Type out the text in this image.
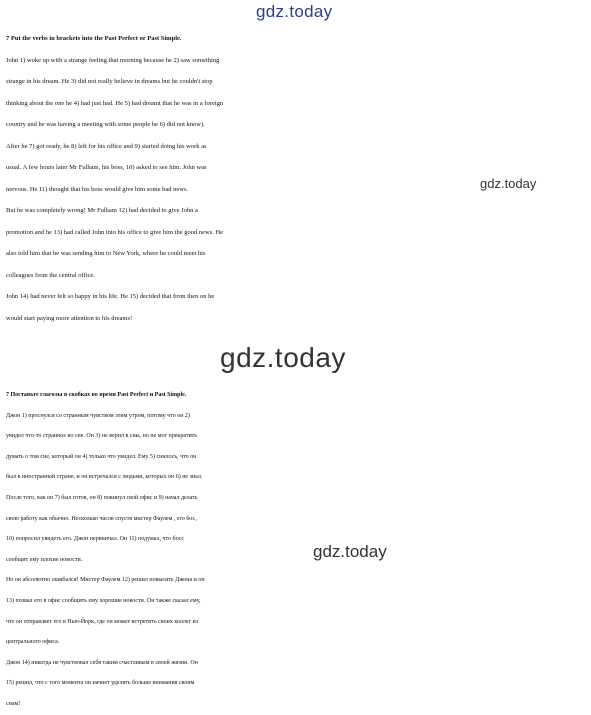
gdz.today
gdz.today
gdz.today
gdz.today
7 Put the verbs in brackets into the Past Perfect or Past Simple.
John 1) woke up with a strange feeling that morning because he 2) saw something
strange in his dream. He 3) did not really believe in dreams but he couldn't stop
thinking about the one he 4) had just had. He 5) had dreamt that he was in a foreign
country and he was having a meeting with some people he 6) did not know).
After he 7) got ready, he 8) left for his office and 9) started doing his work as
usual. A few hours later Mr Fulham, his boss, 10) asked to see him. John was
nervous. He 11) thought that his boss would give him some bad news.
But he was completely wrong! Mr Fulham 12) had decided to give John a
promotion and he 13) had called John into his office to give him the good news. He
also told him that he was sending him to New York, where he could meet his
colleagues from the central office.
John 14) had never felt so happy in his life. He 15) decided that from then on he
would start paying more attention to his dreams!
7 Поставьте глаголы в скобках во время Past Perfect и Past Simple.
Джон 1) проснулся со странным чувством этим утром, потому что он 2)
увидел что-то странное во сне. Он 3) не верил в сны, но не мог прекратить
думать о том сне, который он 4) только что увидел. Ему 5) снилось, что он
был в иностранной стране, и он встречался с людьми, которых он 6) не знал.
После того, как он 7) был готов, он 8) покинул свой офис и 9) начал делать
свою работу как обычно. Несколько часов спустя мистер Фаулем , его бос,
10) попросил увидеть его. Джон нервничал. Он 11) подумал, что босс
сообщит ему плохие новости.
Но он абсолютно ошибался! Мистер Фаулем 12) решил повысить Джона и он
13) позвал его в офис сообщить ему хорошие новости. Он также сказал ему,
что он отправляет его в Нью-Йорк, где он может встретить своих коллег из
центрального офиса.
Джон 14) никогда не чувствовал себя таким счастливым в своей жизни. Он
15) решил, что с того момента он начнет уделять больше внимания своим
снам!
